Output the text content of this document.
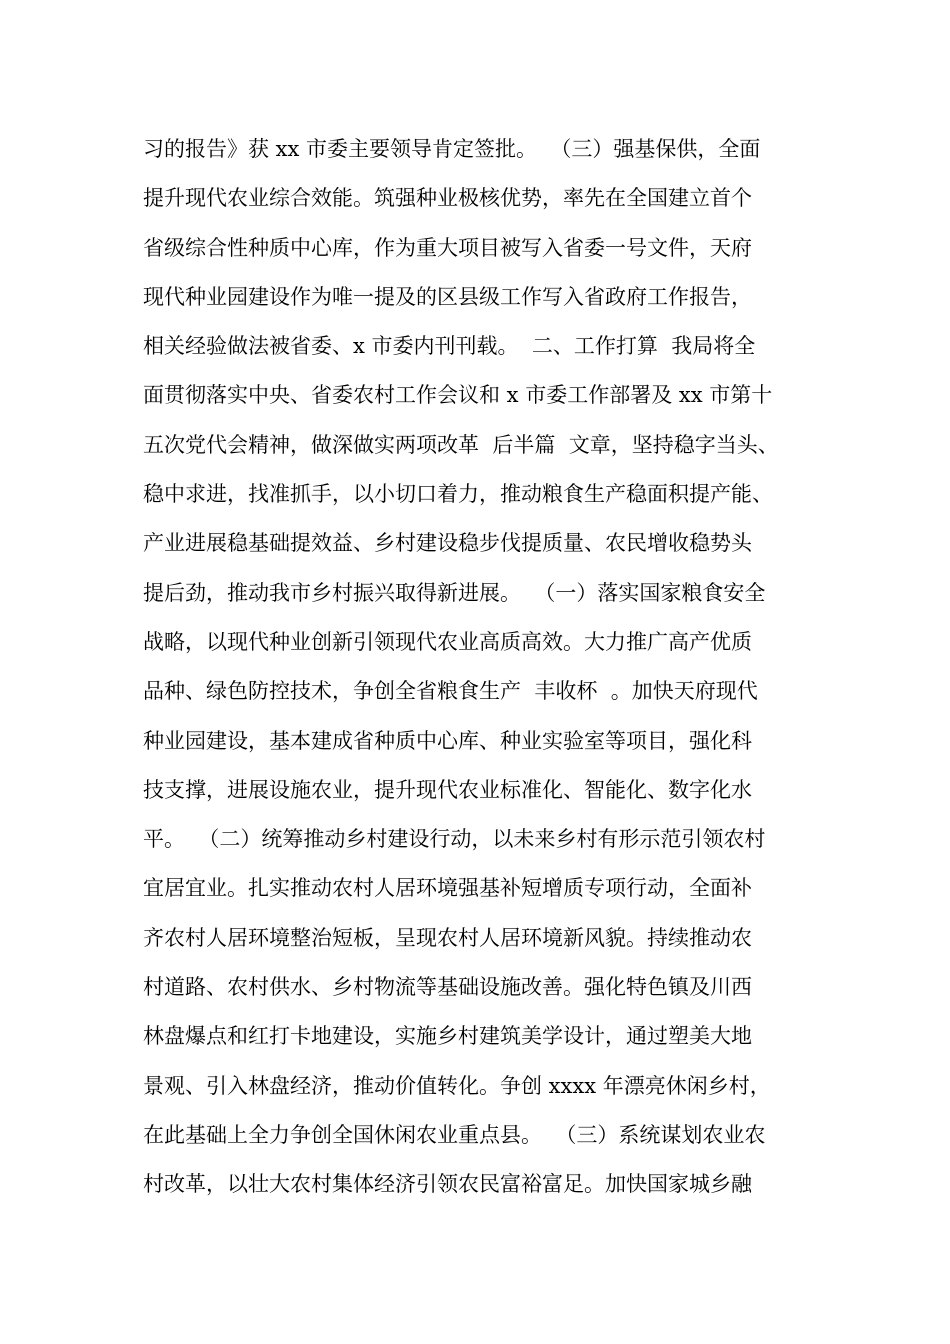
习的报告》获 xx 市委主要领导肯定签批。  （三）强基保供，全面
提升现代农业综合效能。筑强种业极核优势，率先在全国建立首个
省级综合性种质中心库，作为重大项目被写入省委一号文件，天府
现代种业园建设作为唯一提及的区县级工作写入省政府工作报告，
相关经验做法被省委、x 市委内刊刊载。  二、工作打算  我局将全
面贯彻落实中央、省委农村工作会议和 x 市委工作部署及 xx 市第十
五次党代会精神，做深做实两项改革  后半篇  文章，坚持稳字当头、
稳中求进，找准抓手，以小切口着力，推动粮食生产稳面积提产能、
产业进展稳基础提效益、乡村建设稳步伐提质量、农民增收稳势头
提后劲，推动我市乡村振兴取得新进展。  （一）落实国家粮食安全
战略，以现代种业创新引领现代农业高质高效。大力推广高产优质
品种、绿色防控技术，争创全省粮食生产  丰收杯  。加快天府现代
种业园建设，基本建成省种质中心库、种业实验室等项目，强化科
技支撑，进展设施农业，提升现代农业标准化、智能化、数字化水
平。  （二）统筹推动乡村建设行动，以未来乡村有形示范引领农村
宜居宜业。扎实推动农村人居环境强基补短增质专项行动，全面补
齐农村人居环境整治短板，呈现农村人居环境新风貌。持续推动农
村道路、农村供水、乡村物流等基础设施改善。强化特色镇及川西
林盘爆点和红打卡地建设，实施乡村建筑美学设计，通过塑美大地
景观、引入林盘经济，推动价值转化。争创 xxxx 年漂亮休闲乡村，
在此基础上全力争创全国休闲农业重点县。  （三）系统谋划农业农
村改革，以壮大农村集体经济引领农民富裕富足。加快国家城乡融
